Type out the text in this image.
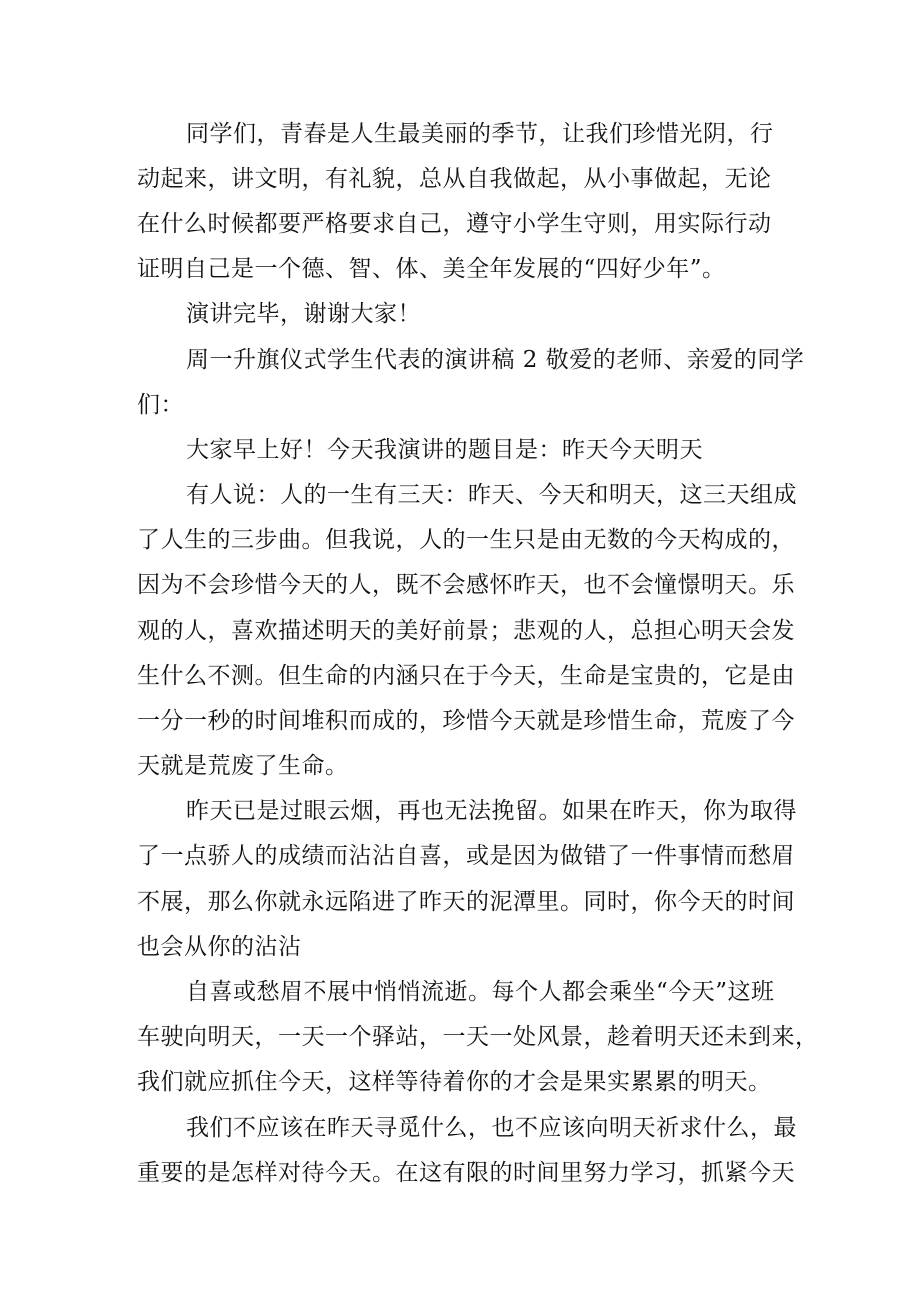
同学们，青春是人生最美丽的季节，让我们珍惜光阴，行
动起来，讲文明，有礼貌，总从自我做起，从小事做起，无论
在什么时候都要严格要求自己，遵守小学生守则，用实际行动
证明自己是一个德、智、体、美全年发展的“四好少年”。
演讲完毕，谢谢大家！
周一升旗仪式学生代表的演讲稿 2 敬爱的老师、亲爱的同学
们：
大家早上好！今天我演讲的题目是：昨天今天明天
有人说：人的一生有三天：昨天、今天和明天，这三天组成
了人生的三步曲。但我说，人的一生只是由无数的今天构成的，
因为不会珍惜今天的人，既不会感怀昨天，也不会憧憬明天。乐
观的人，喜欢描述明天的美好前景；悲观的人，总担心明天会发
生什么不测。但生命的内涵只在于今天，生命是宝贵的，它是由
一分一秒的时间堆积而成的，珍惜今天就是珍惜生命，荒废了今
天就是荒废了生命。
昨天已是过眼云烟，再也无法挽留。如果在昨天，你为取得
了一点骄人的成绩而沾沾自喜，或是因为做错了一件事情而愁眉
不展，那么你就永远陷进了昨天的泥潭里。同时，你今天的时间
也会从你的沾沾
自喜或愁眉不展中悄悄流逝。每个人都会乘坐“今天”这班
车驶向明天，一天一个驿站，一天一处风景，趁着明天还未到来，
我们就应抓住今天，这样等待着你的才会是果实累累的明天。
我们不应该在昨天寻觅什么，也不应该向明天祈求什么，最
重要的是怎样对待今天。在这有限的时间里努力学习，抓紧今天
